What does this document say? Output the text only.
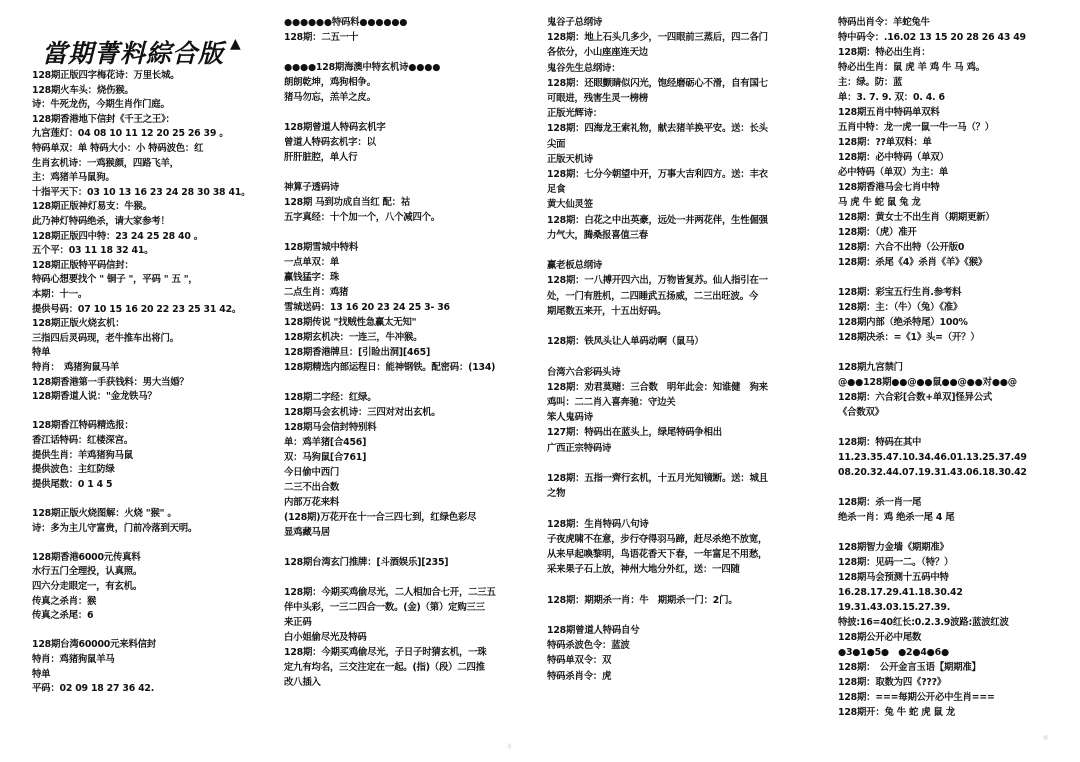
當期菁料綜合版 ▲
128期正版四字梅花诗：万里长城。
128期火车头：烧伤猴。
诗：牛死龙伤，今期生肖作门庭。
128期香港地下信封《千王之王》：
九宫莲灯：04 08 10 11 12 20 25 26 39 。
特码单双：单 特码大小：小 特码波色：红
生肖玄机诗：一鸡猴颜，四路飞羊，
主：鸡猪羊马鼠狗。
十指平天下：03 10 13 16 23 24 28 30 38 41。
128期正版神灯易支：牛猴。
此乃神灯特码绝杀，请大家参考！
128期正版四中特：23 24 25 28 40 。
五个平：03 11 18 32 41。
128期正版特平码信封：
特码心想要找个 " 铜子 "，平码 " 五 "，
本期：十一。
提供号码：07 10 15 16 20 22 23 25 31 42。
128期正版火烧玄机：
三指四后灵码现，老牛推车出将门。
特单
特肖：　鸡猪狗鼠马羊
128期香港第一手获钱料：男大当婚？
128期香道人说："金龙铁马？
128期香江特码精选报：
香江话特码：红楼深宫。
提供生肖：羊鸡猪狗马鼠
提供波色：主红防绿
提供尾数：0 1 4 5
128期正版火烧图解：火烧 "猴" 。
诗：多为主儿守富贵，门前冷落到天明。
128期香港6000元传真料
水行五门全理投，认真照。
四六分走眼定一，有玄机。
传真之杀肖：猴
传真之杀尾：6
128期台湾60000元来料信封
特肖：鸡猪狗鼠羊马
特单
平码：02 09 18 27 36 42.
●●●●●●特码料●●●●●●
128期：二五一十
●●●●128期海澳中特玄机诗●●●●
朗朗乾坤，鸡狗相争。
猪马勿忘，羔羊之皮。
128期曾道人特码玄机字
曾道人特码玄机字：以
肝肝脏腔，单人行
神算子透码诗
128期 马到功成自当红 配：祜
五字真经：十个加一个，八个减四个。
128期雪城中特料
一点单双：单
赢钱猛字：珠
二点生肖：鸡猪
雪城送码：13 16 20 23 24 25 3- 36
128期传说 "找贼性急赢太无知"
128期玄机决：一连三，牛冲猴。
128期香港牌旦：[引睑出洞][465]
128期精选内部运程日：能神钢铁。配密码：(134)
128期二字经：红绿。
128期马会玄机诗：三四对对出玄机。
128期马会信封特别料
单：鸡羊猪[合456]
双：马狗鼠[合761]
今日偷中西门
二三不出合数
内部万花来料
(128期)万花开在十一合三四七到，红绿色彩尽
显鸡藏马居
128期台湾玄门推牌：[斗酒娱乐][235]
128期：今期买鸡偷尽光，二人相加合七开，二三五
伴中头彩，一三二四合一数。(金)（第）定购三三
来正码
白小姐偷尽光及特码
128期：今期买鸡偷尽光，子日子时猜玄机，一珠
定九有均名，三交注定在一起。(指)（段）二四推
改八插入
鬼谷子总纲诗
128期：地上石头几多少，一四眼前三蒸后，四二各门
各依分，小山座座连天边
鬼谷先生总纲诗：
128期：还眼颤睛似闪光，饱经磨砺心不滑，自有国七
可眼进，残害生灵一榜榜
正版光辉诗：
128期：四海龙王索礼物，献去猪羊换平安。送：长头
尖面
正版天机诗
128期：七分今朝望中开，万事大吉利四方。送：丰衣
足食
黄大仙灵签
128期：白花之中出英豪，远处一井两花伴，生性倔强
力气大，腾桑报喜值三春
赢老板总纲诗
128期：一八搏开四六出，万物皆复苏。仙人指引在一
处，一门有胜机，二四睡武五扬威，二三出旺波。今
期尾数五来开，十五出好码。
128期：铁凤头让人单码动啊（鼠马）
台湾六合彩码头诗
128期：劝君莫赌：三合数　明年此会：知谁健　狗来
鸡叫：二二肖入喜奔驰：守边关
笨人鬼码诗
127期：特码出在蓝头上，绿尾特码争相出
广西正宗特码诗
128期：五指一齊行玄机，十五月光知镜断。送：城且
之物
128期：生肖特码八句诗
子夜虎啸不在意，步行夺得羽马蹄，赶尽杀绝不放宽，
从来早起喚黎明，鸟语花香天下春，一年富足不用愁，
采来果子石上放，神州大地分外红，送：一四随
128期：期期杀一肖：牛　期期杀一门：2门。
128期曾道人特码自兮
特码杀波色令：蓝波
特码单双令：双
特码杀肖令：虎
特码出肖令：羊蛇兔牛
特中码令：.16.02 13 15 20 28 26 43 49
128期：特必出生肖：
特必出生肖：鼠 虎 羊 鸡 牛 马 鸡。
主：绿。防：蓝
单：3. 7. 9. 双：0. 4. 6
128期五肖中特码单双料
五肖中特：龙一虎一鼠一牛一马（？）
128期：??单双料：单
128期：必中特码（单双）
必中特码（单双）为主：单
128期香港马会七肖中特
马 虎 牛 蛇 鼠 兔 龙
128期：黄女士不出生肖（期期更新）
128期：（虎）准开
128期：六合不出特（公开版0
128期：杀尾《4》杀肖《羊》《猴》
128期：彩宝五行生肖.参考料
128期：主：（牛）（兔）《准》
128期内部（绝杀特尾）100%
128期决杀：=《1》头=（开？）
128期九宫禁门
@●●128期●●@●●鼠●●@●●对●●@
128期：六合彩[合数+单双]怪异公式
《合数双》
128期：特码在其中
11.23.35.47.10.34.46.01.13.25.37.49
08.20.32.44.07.19.31.43.06.18.30.42
128期：杀一肖一尾
绝杀一肖：鸡 绝杀一尾 4 尾
128期智力金墙《期期准》
128期：见码一二。（特？）
128期马会预测十五码中特
16.28.17.29.41.18.30.42
19.31.43.03.15.27.39.
特披:16=40红长:0.2.3.9波路:蓝波红波
128期公开必中尾数
●3●1●5●　●2●4●6●
128期：　公开金言玉语【期期准】
128期：取数为四《???》
128期：===每期公开必中生肖===
128期开：兔 牛 蛇 虎 鼠 龙
